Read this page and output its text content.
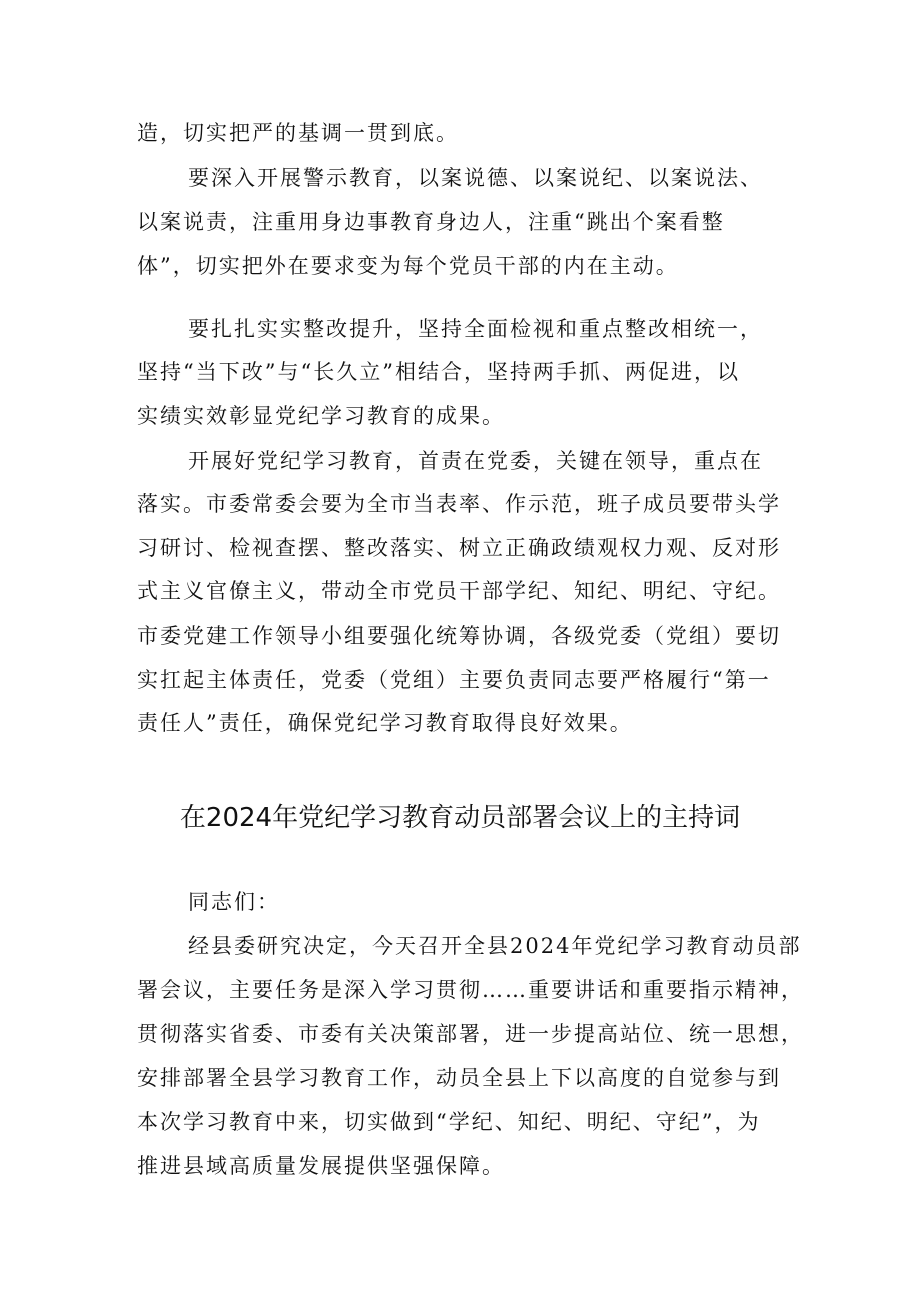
造，切实把严的基调一贯到底。
要深入开展警示教育，以案说德、以案说纪、以案说法、
以案说责，注重用身边事教育身边人，注重“跳出个案看整
体”，切实把外在要求变为每个党员干部的内在主动。
要扎扎实实整改提升，坚持全面检视和重点整改相统一，
坚持“当下改”与“长久立”相结合，坚持两手抓、两促进，以
实绩实效彰显党纪学习教育的成果。
开展好党纪学习教育，首责在党委，关键在领导，重点在
落实。市委常委会要为全市当表率、作示范，班子成员要带头学
习研讨、检视查摆、整改落实、树立正确政绩观权力观、反对形
式主义官僚主义，带动全市党员干部学纪、知纪、明纪、守纪。
市委党建工作领导小组要强化统筹协调，各级党委（党组）要切
实扛起主体责任，党委（党组）主要负责同志要严格履行“第一
责任人”责任，确保党纪学习教育取得良好效果。
在2024年党纪学习教育动员部署会议上的主持词
同志们：
经县委研究决定，今天召开全县2024年党纪学习教育动员部
署会议，主要任务是深入学习贯彻……重要讲话和重要指示精神，
贯彻落实省委、市委有关决策部署，进一步提高站位、统一思想，
安排部署全县学习教育工作，动员全县上下以高度的自觉参与到
本次学习教育中来，切实做到“学纪、知纪、明纪、守纪”，为
推进县域高质量发展提供坚强保障。
